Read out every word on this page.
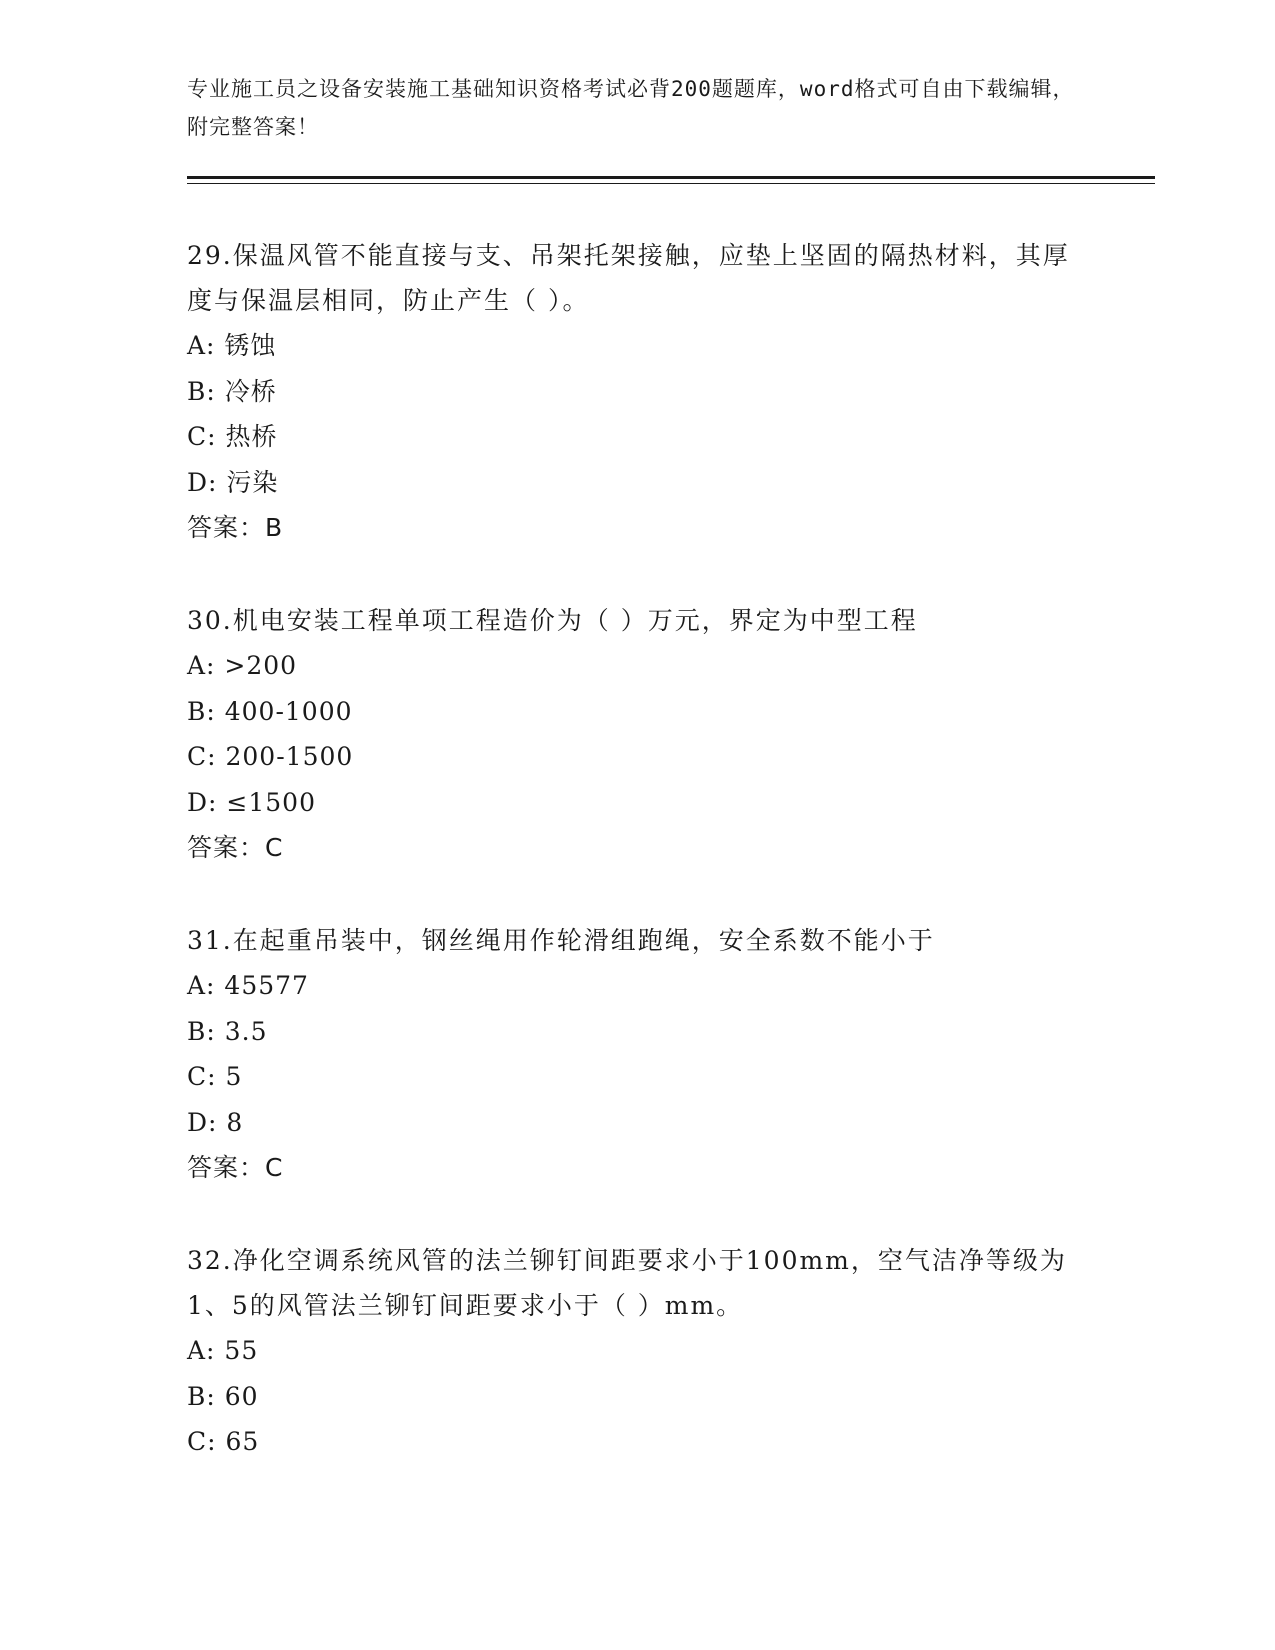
专业施工员之设备安装施工基础知识资格考试必背200题题库，word格式可自由下载编辑，附完整答案！

29.保温风管不能直接与支、吊架托架接触，应垫上坚固的隔热材料，其厚度与保温层相同，防止产生（ ）。

A: 锈蚀

B: 冷桥

C: 热桥

D: 污染

答案：B

30.机电安装工程单项工程造价为（ ）万元，界定为中型工程

A: >200

B: 400-1000

C: 200-1500

D: ≤1500

答案：C

31.在起重吊装中，钢丝绳用作轮滑组跑绳，安全系数不能小于

A: 45577

B: 3.5

C: 5

D: 8

答案：C

32.净化空调系统风管的法兰铆钉间距要求小于100mm，空气洁净等级为1、5的风管法兰铆钉间距要求小于（ ）mm。

A: 55

B: 60

C: 65
